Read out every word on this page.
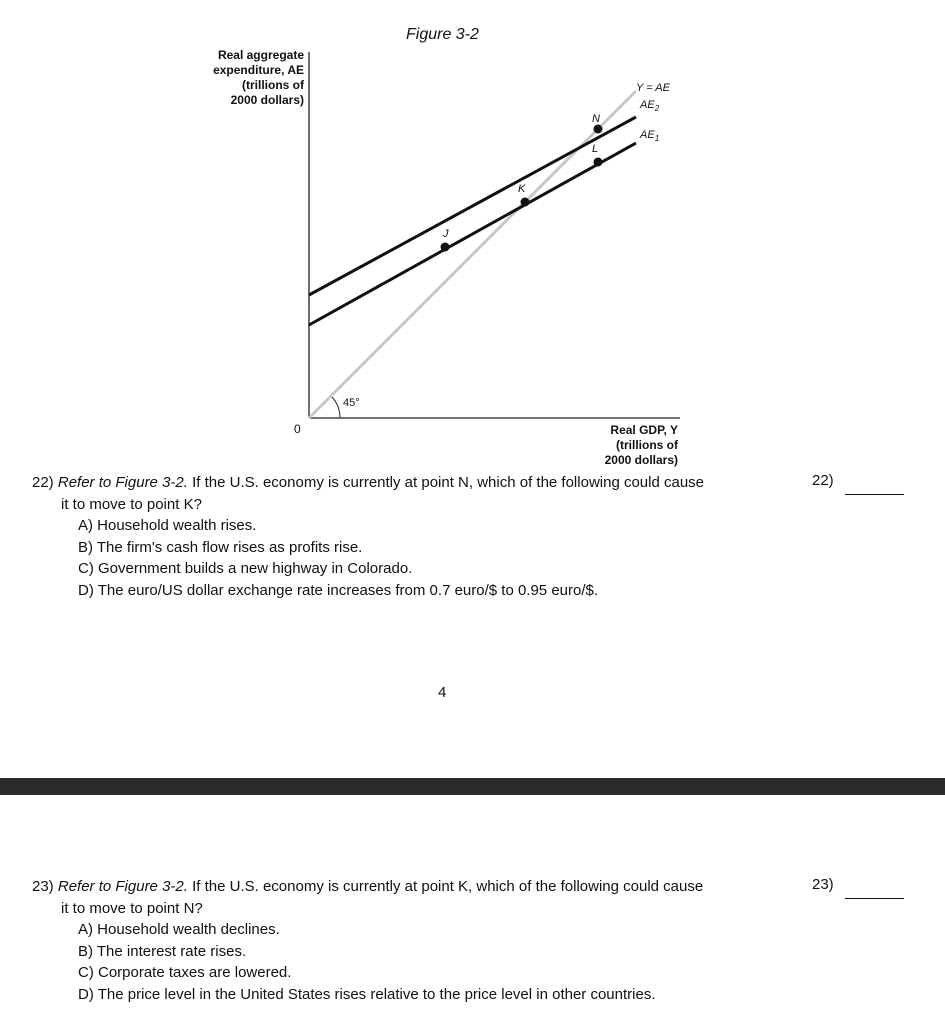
Figure 3-2
Real aggregate
expenditure, AE
(trillions of
2000 dollars)
Real GDP, Y
(trillions of
2000 dollars)
0
45°
N
L
K
J
Y = AE
$AE_2$
$AE_1$
22) Refer to Figure 3-2. If the U.S. economy is currently at point N, which of the following could cause
it to move to point K?
A) Household wealth rises.
B) The firm's cash flow rises as profits rise.
C) Government builds a new highway in Colorado.
D) The euro/US dollar exchange rate increases from 0.7 euro/$ to 0.95 euro/$.
22)
4
23) Refer to Figure 3-2. If the U.S. economy is currently at point K, which of the following could cause
it to move to point N?
A) Household wealth declines.
B) The interest rate rises.
C) Corporate taxes are lowered.
D) The price level in the United States rises relative to the price level in other countries.
23)
